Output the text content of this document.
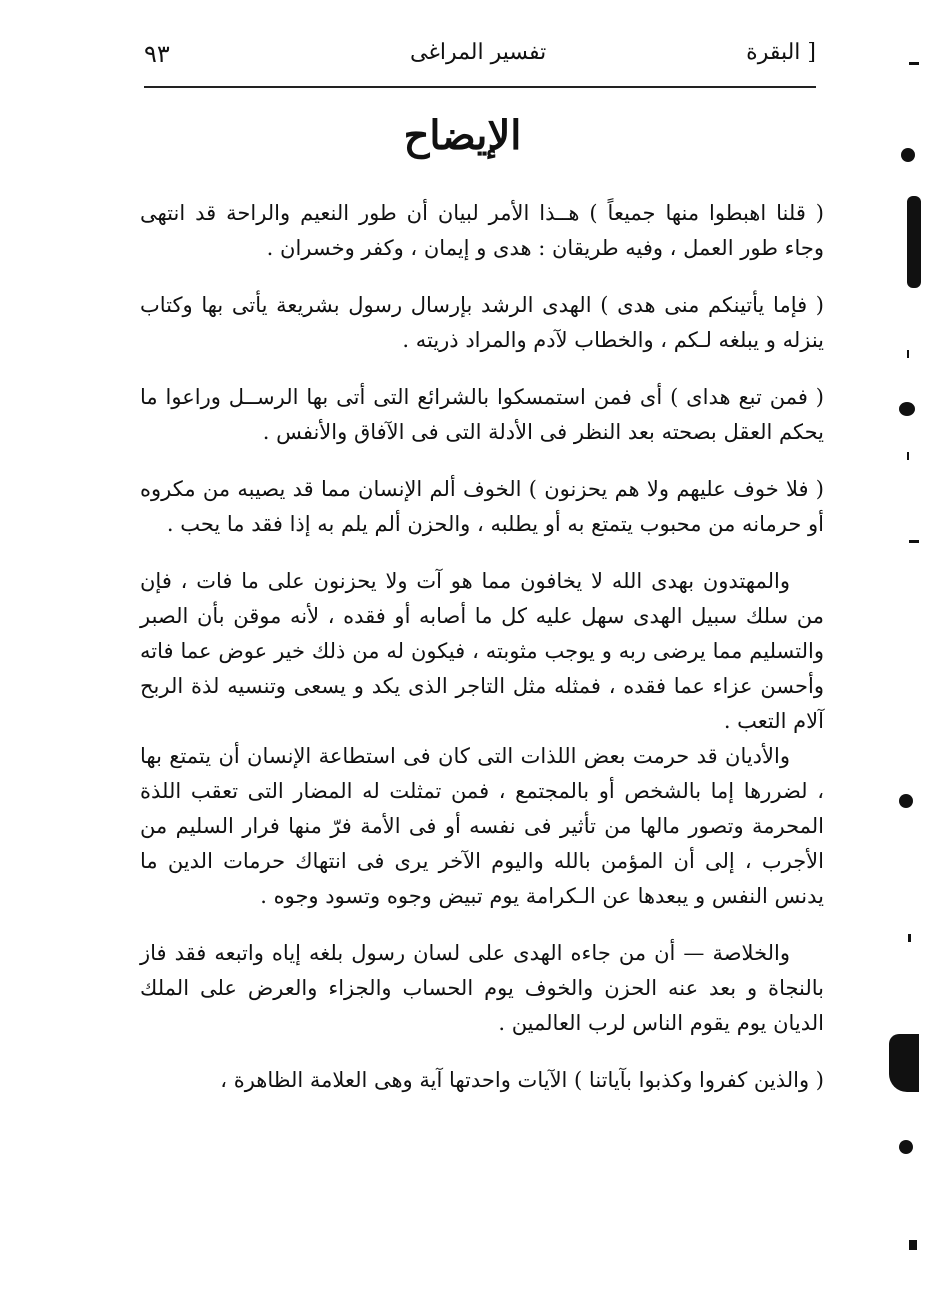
٩٣	تفسير المراغى	البقرة ]
الإيضاح

( قلنا اهبطوا منها جميعاً ) هــذا الأمر لبيان أن طور النعيم والراحة قد انتهى وجاء طور العمل ، وفيه طريقان : هدى و إيمان ، وكفر وخسران .

( فإما يأتينكم منى هدى ) الهدى الرشد بإرسال رسول بشريعة يأتى بها وكتاب ينزله و يبلغه لـكم ، والخطاب لآدم والمراد ذريته .

( فمن تبع هداى ) أى فمن استمسكوا بالشرائع التى أتى بها الرســل وراعوا ما يحكم العقل بصحته بعد النظر فى الأدلة التى فى الآفاق والأنفس .

( فلا خوف عليهم ولا هم يحزنون ) الخوف ألم الإنسان مما قد يصيبه من مكروه أو حرمانه من محبوب يتمتع به أو يطلبه ، والحزن ألم يلم به إذا فقد ما يحب .

والمهتدون بهدى الله لا يخافون مما هو آت ولا يحزنون على ما فات ، فإن من سلك سبيل الهدى سهل عليه كل ما أصابه أو فقده ، لأنه موقن بأن الصبر والتسليم مما يرضى ربه و يوجب مثوبته ، فيكون له من ذلك خير عوض عما فاته وأحسن عزاء عما فقده ، فمثله مثل التاجر الذى يكد و يسعى وتنسيه لذة الربح آلام التعب .

والأديان قد حرمت بعض اللذات التى كان فى استطاعة الإنسان أن يتمتع بها ، لضررها إما بالشخص أو بالمجتمع ، فمن تمثلت له المضار التى تعقب اللذة المحرمة وتصور مالها من تأثير فى نفسه أو فى الأمة فرّ منها فرار السليم من الأجرب ، إلى أن المؤمن بالله واليوم الآخر يرى فى انتهاك حرمات الدين ما يدنس النفس و يبعدها عن الـكرامة يوم تبيض وجوه وتسود وجوه .

والخلاصة — أن من جاءه الهدى على لسان رسول بلغه إياه واتبعه فقد فاز بالنجاة و بعد عنه الحزن والخوف يوم الحساب والجزاء والعرض على الملك الديان يوم يقوم الناس لرب العالمين .

( والذين كفروا وكذبوا بآياتنا ) الآيات واحدتها آية وهى العلامة الظاهرة ،
